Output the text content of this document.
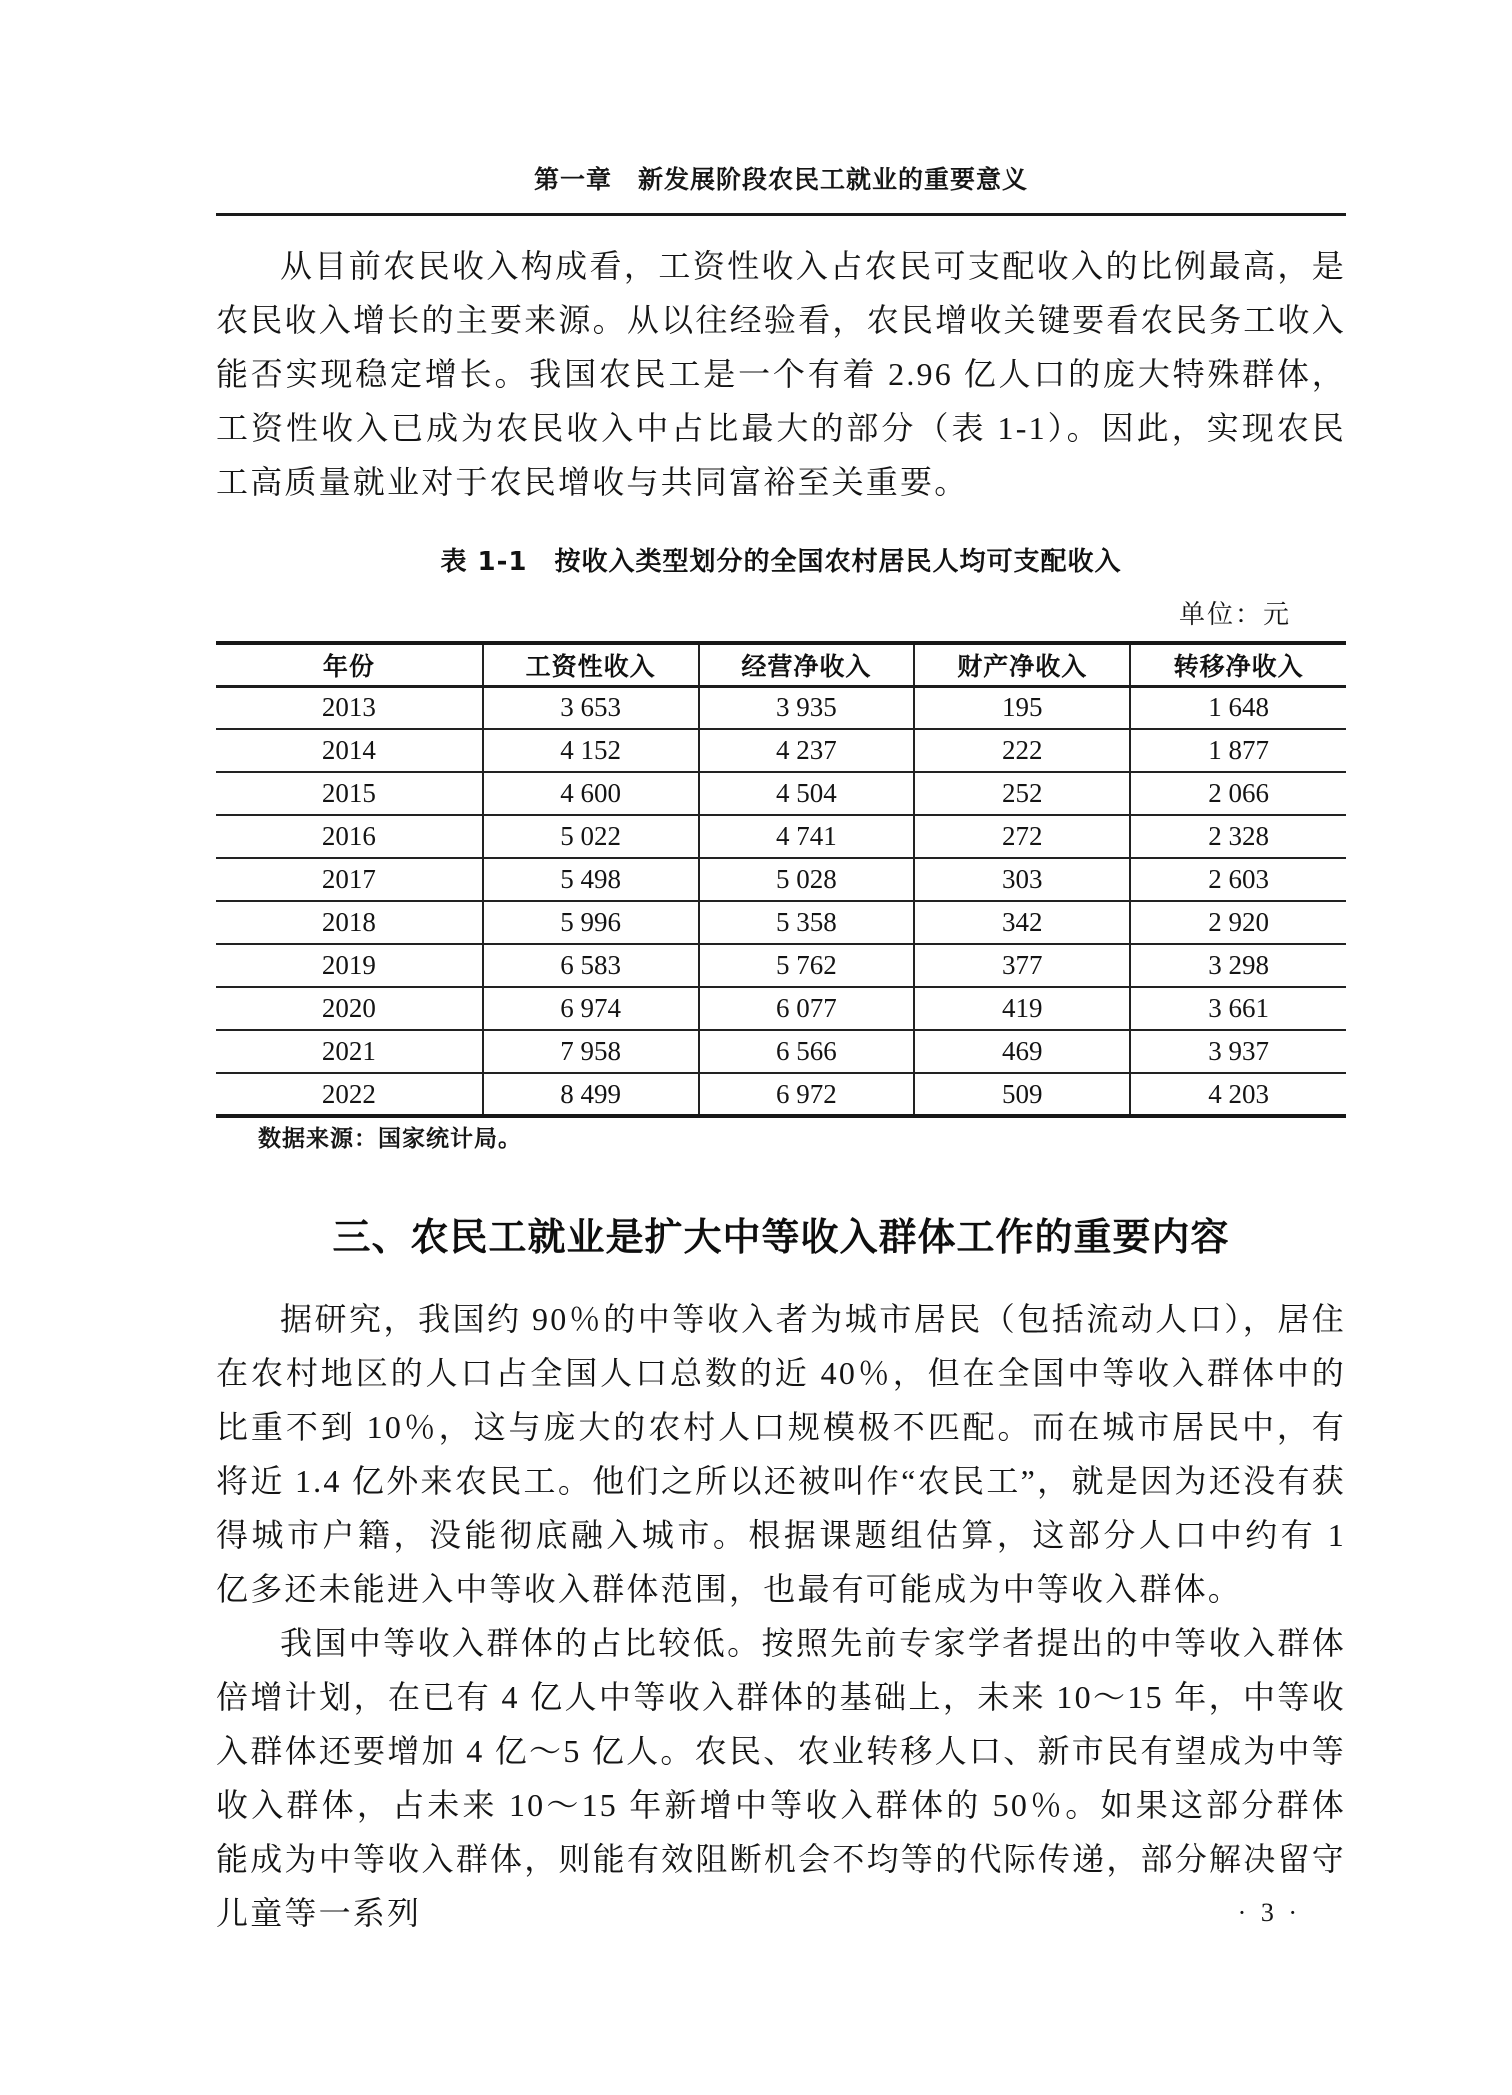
第一章　新发展阶段农民工就业的重要意义

从目前农民收入构成看，工资性收入占农民可支配收入的比例最高，是农民收入增长的主要来源。从以往经验看，农民增收关键要看农民务工收入能否实现稳定增长。我国农民工是一个有着 2.96 亿人口的庞大特殊群体，工资性收入已成为农民收入中占比最大的部分（表 1-1）。因此，实现农民工高质量就业对于农民增收与共同富裕至关重要。

表 1-1　按收入类型划分的全国农村居民人均可支配收入
单位：元
年份	工资性收入	经营净收入	财产净收入	转移净收入
2013	3 653	3 935	195	1 648
2014	4 152	4 237	222	1 877
2015	4 600	4 504	252	2 066
2016	5 022	4 741	272	2 328
2017	5 498	5 028	303	2 603
2018	5 996	5 358	342	2 920
2019	6 583	5 762	377	3 298
2020	6 974	6 077	419	3 661
2021	7 958	6 566	469	3 937
2022	8 499	6 972	509	4 203
数据来源：国家统计局。
三、农民工就业是扩大中等收入群体工作的重要内容

据研究，我国约 90％的中等收入者为城市居民（包括流动人口），居住在农村地区的人口占全国人口总数的近 40％，但在全国中等收入群体中的比重不到 10％，这与庞大的农村人口规模极不匹配。而在城市居民中，有将近 1.4 亿外来农民工。他们之所以还被叫作“农民工”，就是因为还没有获得城市户籍，没能彻底融入城市。根据课题组估算，这部分人口中约有 1 亿多还未能进入中等收入群体范围，也最有可能成为中等收入群体。

我国中等收入群体的占比较低。按照先前专家学者提出的中等收入群体倍增计划，在已有 4 亿人中等收入群体的基础上，未来 10～15 年，中等收入群体还要增加 4 亿～5 亿人。农民、农业转移人口、新市民有望成为中等收入群体，占未来 10～15 年新增中等收入群体的 50％。如果这部分群体能成为中等收入群体，则能有效阻断机会不均等的代际传递，部分解决留守儿童等一系列	· 3 ·
